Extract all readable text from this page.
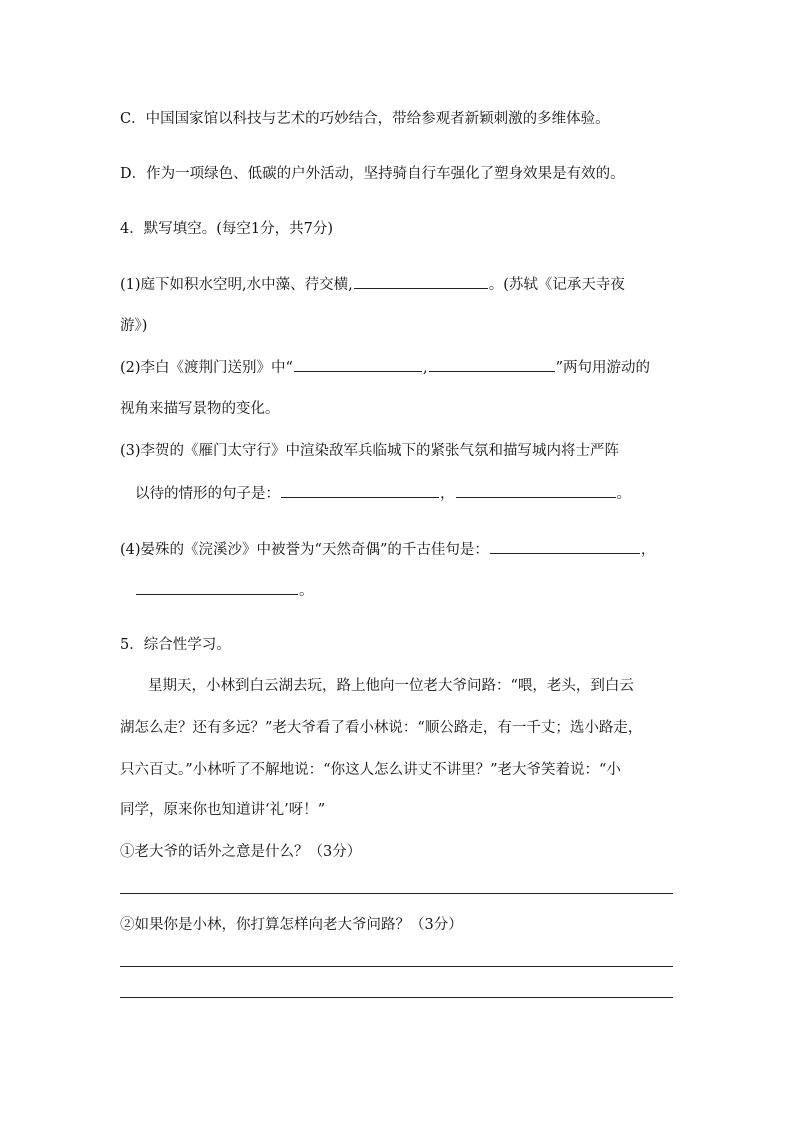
C．中国国家馆以科技与艺术的巧妙结合，带给参观者新颖刺激的多维体验。
D．作为一项绿色、低碳的户外活动，坚持骑自行车强化了塑身效果是有效的。
4．默写填空。(每空1分，共7分)
(1)庭下如积水空明,水中藻、荇交横,	。(苏轼《记承天寺夜
游》)
(2)李白《渡荆门送别》中“	,	”两句用游动的
视角来描写景物的变化。
(3)李贺的《雁门太守行》中渲染敌军兵临城下的紧张气氛和描写城内将士严阵
以待的情形的句子是：	，	。
(4)晏殊的《浣溪沙》中被誉为“天然奇偶”的千古佳句是：	，
。
5．综合性学习。
星期天，小林到白云湖去玩，路上他向一位老大爷问路：“喂，老头，到白云
湖怎么走？还有多远？”老大爷看了看小林说：“顺公路走，有一千丈；选小路走，
只六百丈。”小林听了不解地说：“你这人怎么讲丈不讲里？”老大爷笑着说：“小
同学，原来你也知道讲‘礼’呀！”
①老大爷的话外之意是什么？（3分）
②如果你是小林，你打算怎样向老大爷问路？（3分）
